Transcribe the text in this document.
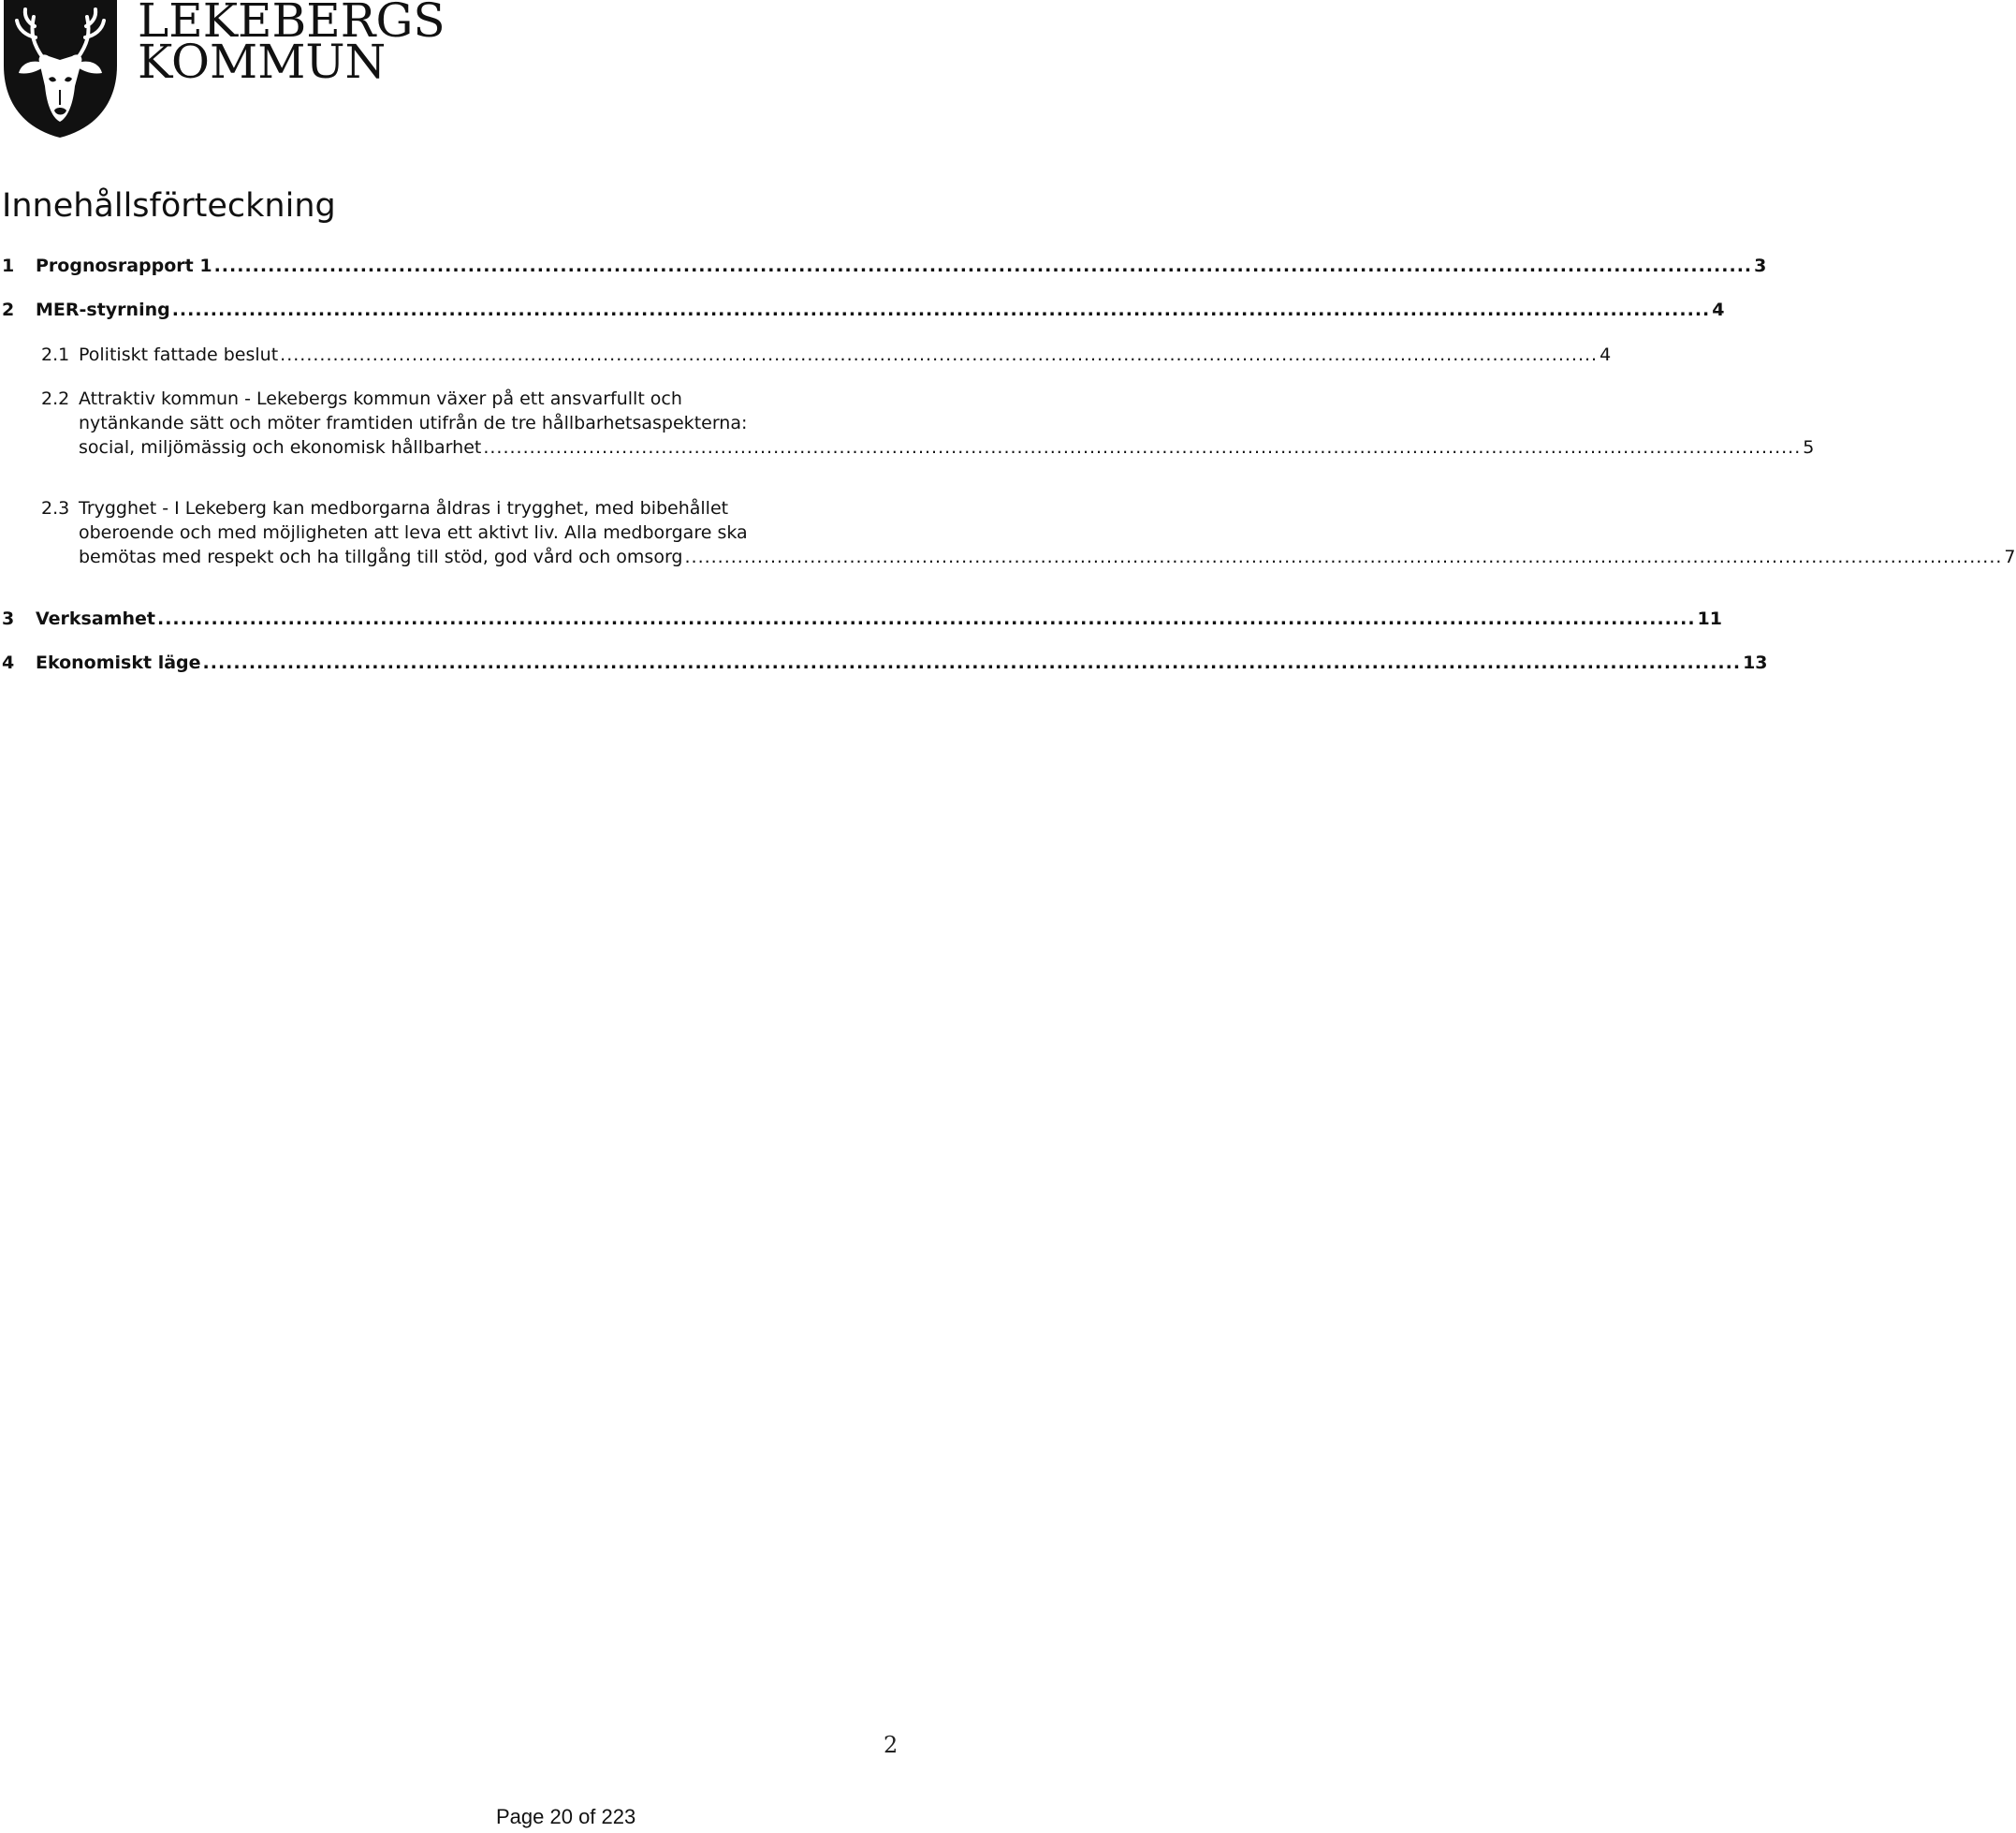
LEKEBERGS
KOMMUN
Innehållsförteckning
1 Prognosrapport 1 ........................................................................................................................................................................................................ 3
2 MER-styrning ........................................................................................................................................................................................................ 4
2.1 Politiskt fattade beslut ........................................................................................................................................................................................................ 4
2.2 Attraktiv kommun - Lekebergs kommun växer på ett ansvarfullt och
nytänkande sätt och möter framtiden utifrån de tre hållbarhetsaspekterna:
social, miljömässig och ekonomisk hållbarhet ........................................................................................................................................................................................................ 5
2.3 Trygghet - I Lekeberg kan medborgarna åldras i trygghet, med bibehållet
oberoende och med möjligheten att leva ett aktivt liv. Alla medborgare ska
bemötas med respekt och ha tillgång till stöd, god vård och omsorg ........................................................................................................................................................................................................ 7
3 Verksamhet ........................................................................................................................................................................................................ 11
4 Ekonomiskt läge ........................................................................................................................................................................................................ 13
2
Page 20 of 223
